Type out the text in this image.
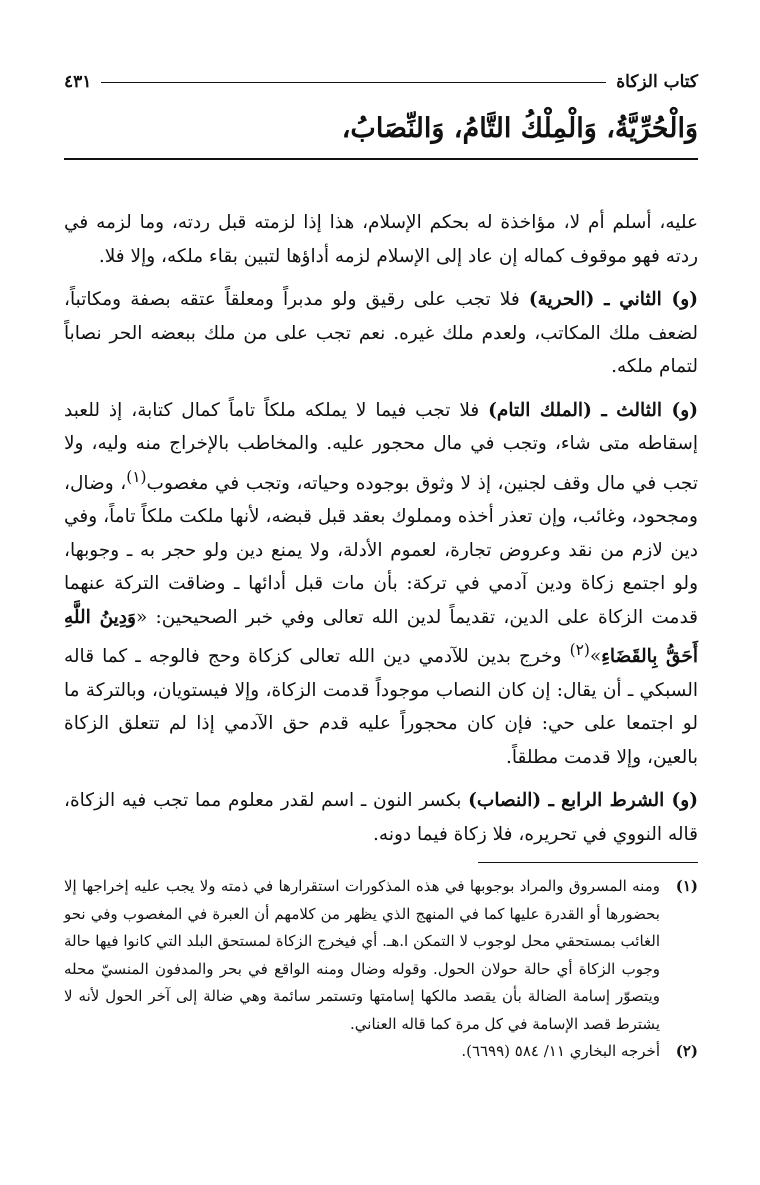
كتاب الزكاة
٤٣١
وَالْحُرِّيَّةُ، وَالْمِلْكُ التَّامُ، وَالنِّصَابُ،

عليه، أسلم أم لا، مؤاخذة له بحكم الإسلام، هذا إذا لزمته قبل ردته، وما لزمه في ردته فهو موقوف كماله إن عاد إلى الإسلام لزمه أداؤها لتبين بقاء ملكه، وإلا فلا.

(و) الثاني ـ (الحرية) فلا تجب على رقيق ولو مدبراً ومعلقاً عتقه بصفة ومكاتباً، لضعف ملك المكاتب، ولعدم ملك غيره. نعم تجب على من ملك ببعضه الحر نصاباً لتمام ملكه.

(و) الثالث ـ (الملك التام) فلا تجب فيما لا يملكه ملكاً تاماً كمال كتابة، إذ للعبد إسقاطه متى شاء، وتجب في مال محجور عليه. والمخاطب بالإخراج منه وليه، ولا تجب في مال وقف لجنين، إذ لا وثوق بوجوده وحياته، وتجب في مغصوب$^{(١)}$، وضال، ومجحود، وغائب، وإن تعذر أخذه ومملوك بعقد قبل قبضه، لأنها ملكت ملكاً تاماً، وفي دين لازم من نقد وعروض تجارة، لعموم الأدلة، ولا يمنع دين ولو حجر به ـ وجوبها، ولو اجتمع زكاة ودين آدمي في تركة: بأن مات قبل أدائها ـ وضاقت التركة عنهما قدمت الزكاة على الدين، تقديماً لدين الله تعالى وفي خبر الصحيحين: «وَدِينُ اللَّهِ أَحَقُّ بِالقَضَاءِ»$^{(٢)}$ وخرج بدين للآدمي دين الله تعالى كزكاة وحج فالوجه ـ كما قاله السبكي ـ أن يقال: إن كان النصاب موجوداً قدمت الزكاة، وإلا فيستويان، وبالتركة ما لو اجتمعا على حي: فإن كان محجوراً عليه قدم حق الآدمي إذا لم تتعلق الزكاة بالعين، وإلا قدمت مطلقاً.

(و) الشرط الرابع ـ (النصاب) بكسر النون ـ اسم لقدر معلوم مما تجب فيه الزكاة، قاله النووي في تحريره، فلا زكاة فيما دونه.

(١)
ومنه المسروق والمراد بوجوبها في هذه المذكورات استقرارها في ذمته ولا يجب عليه إخراجها إلا بحضورها أو القدرة عليها كما في المنهج الذي يظهر من كلامهم أن العبرة في المغصوب وفي نحو الغائب بمستحقي محل لوجوب لا التمكن ا.هـ. أي فيخرج الزكاة لمستحق البلد التي كانوا فيها حالة وجوب الزكاة أي حالة حولان الحول. وقوله وضال ومنه الواقع في بحر والمدفون المنسيّ محله ويتصوّر إسامة الضالة بأن يقصد مالكها إسامتها وتستمر سائمة وهي ضالة إلى آخر الحول لأنه لا يشترط قصد الإسامة في كل مرة كما قاله العناني.
(٢)
أخرجه البخاري ١١/ ٥٨٤ (٦٦٩٩).
